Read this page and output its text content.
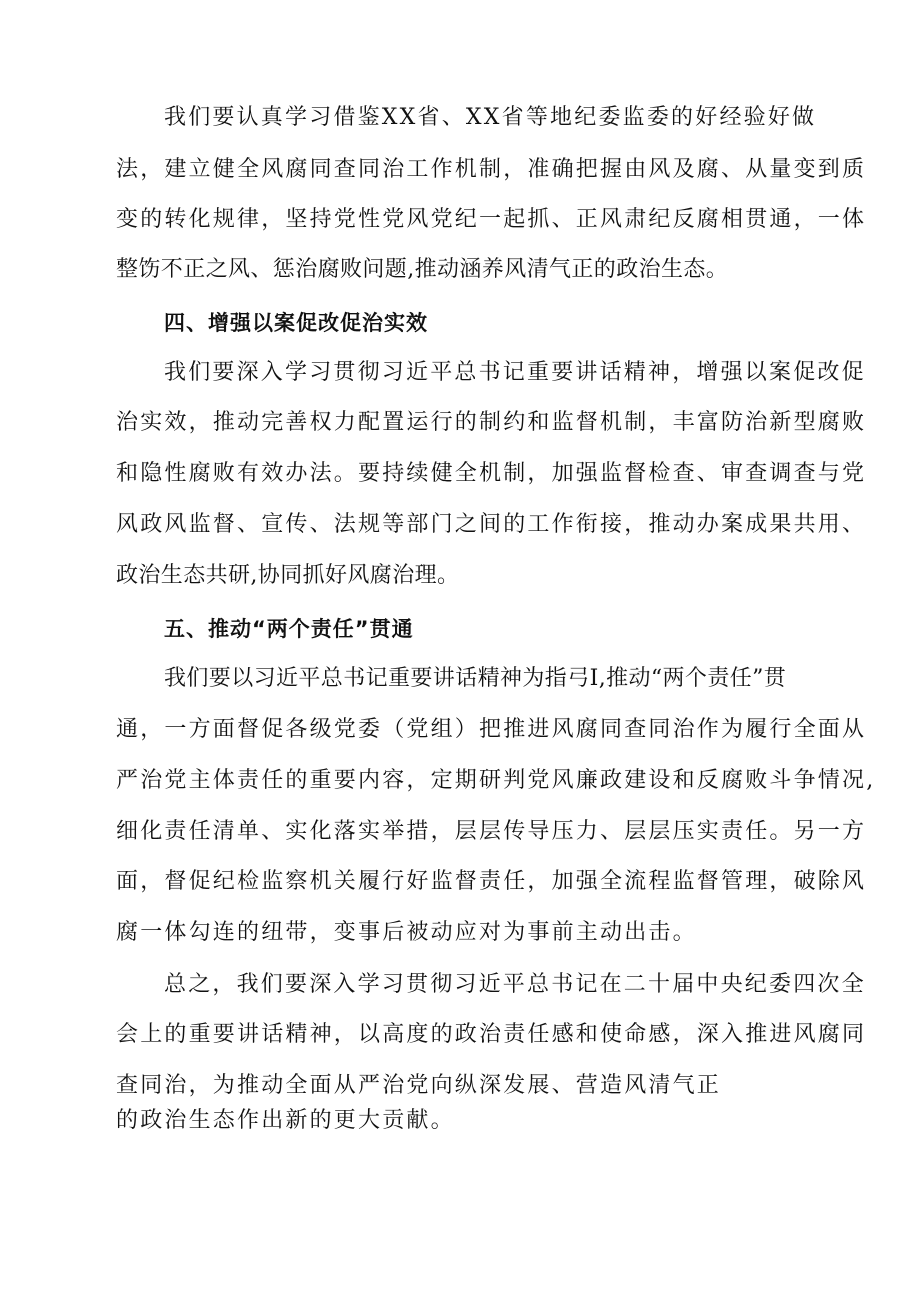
我们要认真学习借鉴XX省、XX省等地纪委监委的好经验好做
法，建立健全风腐同查同治工作机制，准确把握由风及腐、从量变到质
变的转化规律，坚持党性党风党纪一起抓、正风肃纪反腐相贯通，一体
整饬不正之风、惩治腐败问题,推动涵养风清气正的政治生态。
四、增强以案促改促治实效
我们要深入学习贯彻习近平总书记重要讲话精神，增强以案促改促
治实效，推动完善权力配置运行的制约和监督机制，丰富防治新型腐败
和隐性腐败有效办法。要持续健全机制，加强监督检查、审查调查与党
风政风监督、宣传、法规等部门之间的工作衔接，推动办案成果共用、
政治生态共研,协同抓好风腐治理。
五、推动“两个责任”贯通
我们要以习近平总书记重要讲话精神为指弓I,推动“两个责任”贯
通，一方面督促各级党委（党组）把推进风腐同查同治作为履行全面从
严治党主体责任的重要内容，定期研判党风廉政建设和反腐败斗争情况,
细化责任清单、实化落实举措，层层传导压力、层层压实责任。另一方
面，督促纪检监察机关履行好监督责任，加强全流程监督管理，破除风
腐一体勾连的纽带，变事后被动应对为事前主动出击。
总之，我们要深入学习贯彻习近平总书记在二十届中央纪委四次全
会上的重要讲话精神，以高度的政治责任感和使命感，深入推进风腐同
查同治，为推动全面从严治党向纵深发展、营造风清气正
的政治生态作出新的更大贡献。
